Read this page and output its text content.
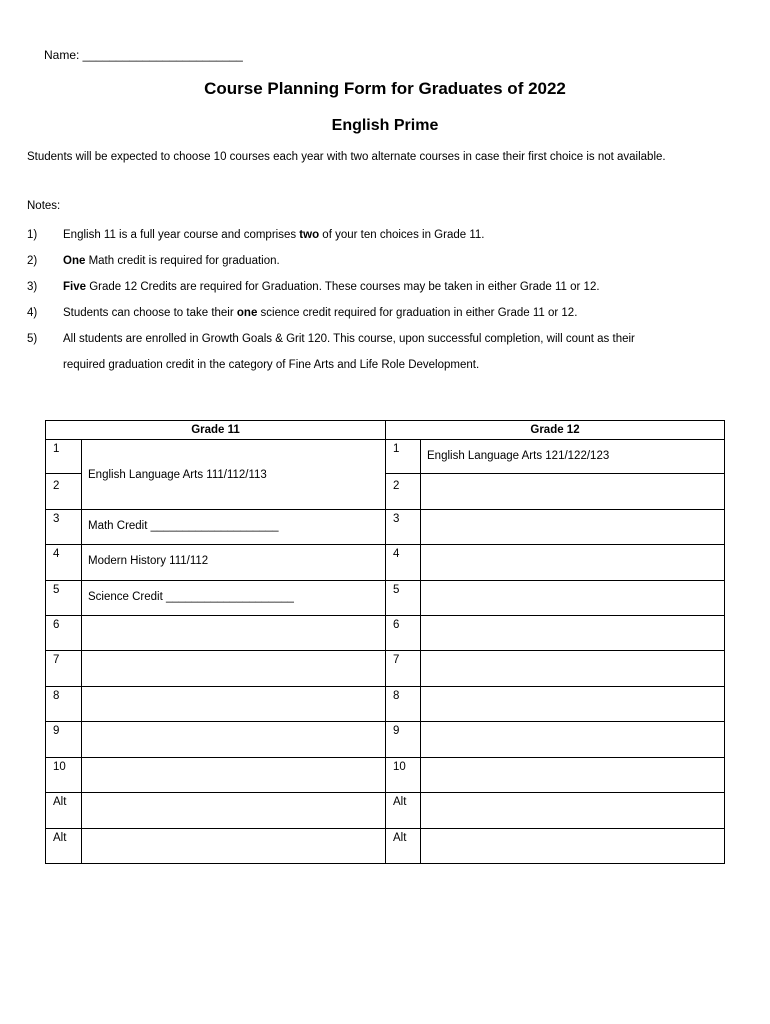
Name: ________________________
Course Planning Form for Graduates of 2022
English Prime
Students will be expected to choose 10 courses each year with two alternate courses in case their first choice is not available.
Notes:
1) English 11 is a full year course and comprises two of your ten choices in Grade 11.
2) One Math credit is required for graduation.
3) Five Grade 12 Credits are required for Graduation. These courses may be taken in either Grade 11 or 12.
4) Students can choose to take their one science credit required for graduation in either Grade 11 or 12.
5) All students are enrolled in Growth Goals & Grit 120. This course, upon successful completion, will count as their
required graduation credit in the category of Fine Arts and Life Role Development.
Grade 11		Grade 12	
1	English Language Arts 111/112/113	1	English Language Arts 121/122/123
2		2	
3	Math Credit ____________________	3	
4	Modern History 111/112	4	
5	Science Credit ____________________	5	
6		6	
7		7	
8		8	
9		9	
10		10	
Alt		Alt	
Alt		Alt	
